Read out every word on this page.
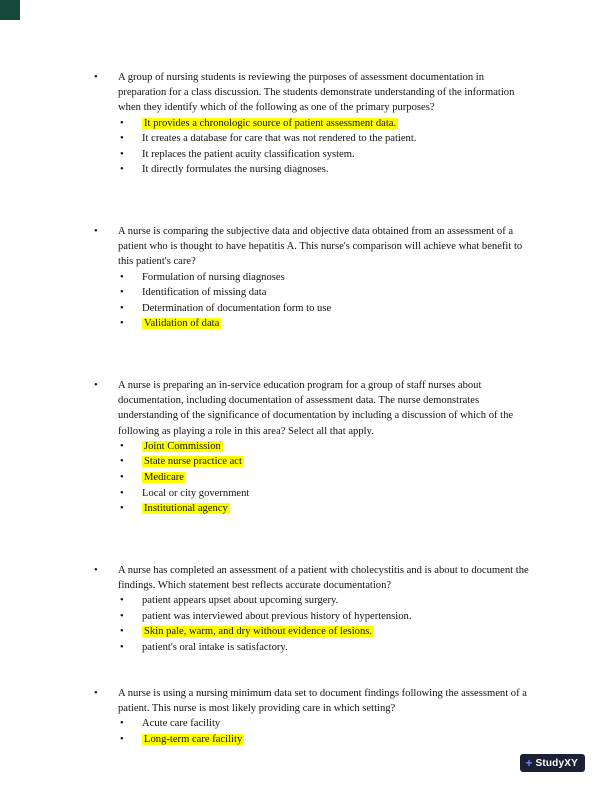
• A group of nursing students is reviewing the purposes of assessment documentation in preparation for a class discussion. The students demonstrate understanding of the information when they identify which of the following as one of the primary purposes?
• It provides a chronologic source of patient assessment data.
• It creates a database for care that was not rendered to the patient.
• It replaces the patient acuity classification system.
• It directly formulates the nursing diagnoses.
• A nurse is comparing the subjective data and objective data obtained from an assessment of a patient who is thought to have hepatitis A. This nurse's comparison will achieve what benefit to this patient's care?
• Formulation of nursing diagnoses
• Identification of missing data
• Determination of documentation form to use
• Validation of data
• A nurse is preparing an in-service education program for a group of staff nurses about documentation, including documentation of assessment data. The nurse demonstrates understanding of the significance of documentation by including a discussion of which of the following as playing a role in this area? Select all that apply.
• Joint Commission
• State nurse practice act
• Medicare
• Local or city government
• Institutional agency
• A nurse has completed an assessment of a patient with cholecystitis and is about to document the findings. Which statement best reflects accurate documentation?
• patient appears upset about upcoming surgery.
• patient was interviewed about previous history of hypertension.
• Skin pale, warm, and dry without evidence of lesions.
• patient's oral intake is satisfactory.
• A nurse is using a nursing minimum data set to document findings following the assessment of a patient. This nurse is most likely providing care in which setting?
• Acute care facility
• Long-term care facility
+ StudyXY
